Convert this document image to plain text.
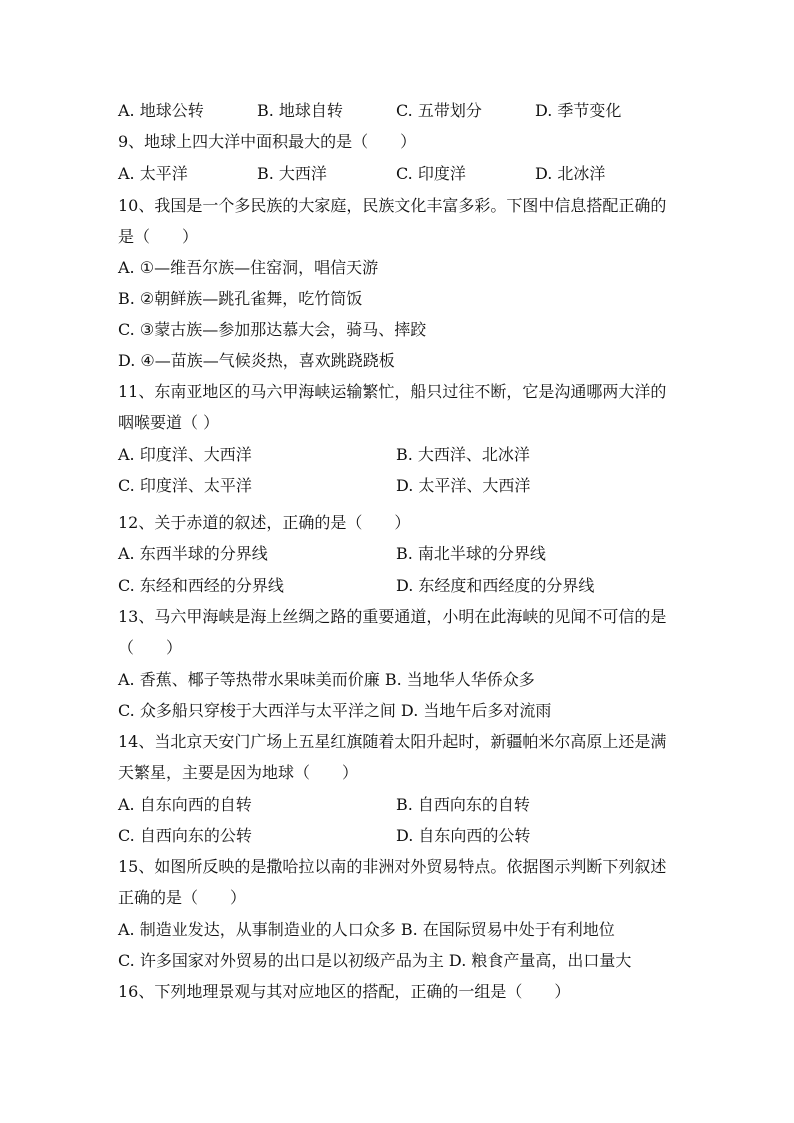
A. 地球公转	B. 地球自转	C. 五带划分	D. 季节变化
9、地球上四大洋中面积最大的是（　　）
A. 太平洋	B. 大西洋	C. 印度洋	D. 北冰洋
10、我国是一个多民族的大家庭，民族文化丰富多彩。下图中信息搭配正确的
是（　　）
A. ①—维吾尔族—住窑洞，唱信天游
B. ②朝鲜族—跳孔雀舞，吃竹筒饭
C. ③蒙古族—参加那达慕大会，骑马、摔跤
D. ④—苗族—气候炎热，喜欢跳跷跷板
11、东南亚地区的马六甲海峡运输繁忙，船只过往不断，它是沟通哪两大洋的
咽喉要道（ ）
A. 印度洋、大西洋	B. 大西洋、北冰洋
C. 印度洋、太平洋	D. 太平洋、大西洋
12、关于赤道的叙述，正确的是（　　）
A. 东西半球的分界线	B. 南北半球的分界线
C. 东经和西经的分界线	D. 东经度和西经度的分界线
13、马六甲海峡是海上丝绸之路的重要通道，小明在此海峡的见闻不可信的是
（　　）
A. 香蕉、椰子等热带水果味美而价廉 B. 当地华人华侨众多
C. 众多船只穿梭于大西洋与太平洋之间 D. 当地午后多对流雨
14、当北京天安门广场上五星红旗随着太阳升起时，新疆帕米尔高原上还是满
天繁星，主要是因为地球（　　）
A. 自东向西的自转	B. 自西向东的自转
C. 自西向东的公转	D. 自东向西的公转
15、如图所反映的是撒哈拉以南的非洲对外贸易特点。依据图示判断下列叙述
正确的是（　　）
A. 制造业发达，从事制造业的人口众多 B. 在国际贸易中处于有利地位
C. 许多国家对外贸易的出口是以初级产品为主 D. 粮食产量高，出口量大
16、下列地理景观与其对应地区的搭配，正确的一组是（　　）
